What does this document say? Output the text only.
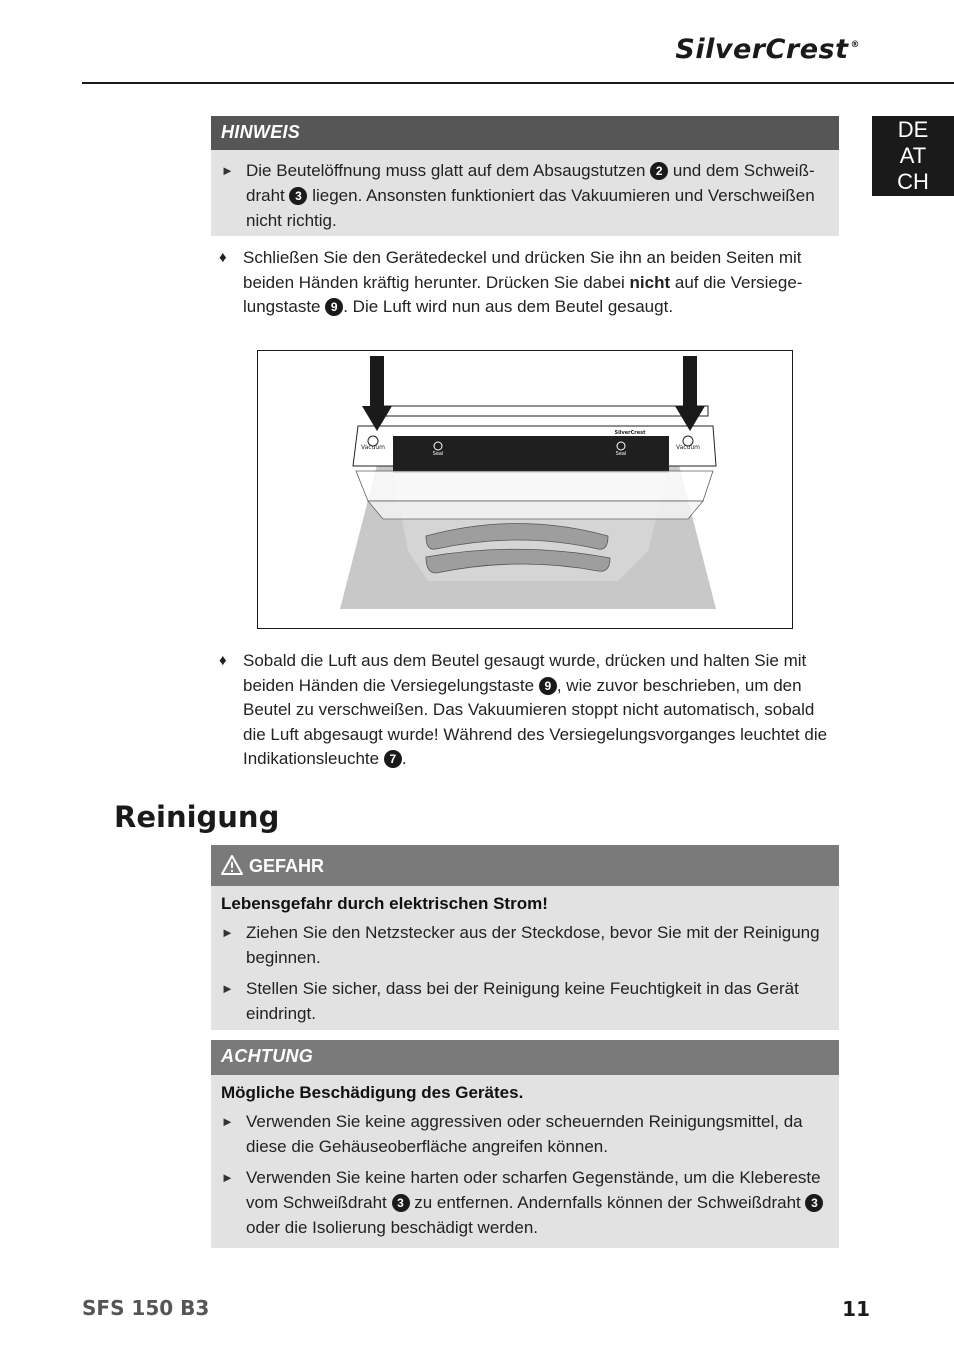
SilverCrest ®
DE
AT
CH
HINWEIS
► Die Beutelöffnung muss glatt auf dem Absaugstutzen 2 und dem Schweiß-draht 3 liegen. Ansonsten funktioniert das Vakuumieren und Verschweißen nicht richtig.
♦ Schließen Sie den Gerätedeckel und drücken Sie ihn an beiden Seiten mit beiden Händen kräftig herunter. Drücken Sie dabei nicht auf die Versiege-lungstaste 9 . Die Luft wird nun aus dem Beutel gesaugt.
Vacuum
Seal	Seal
Vacuum
SilverCrest
♦ Sobald die Luft aus dem Beutel gesaugt wurde, drücken und halten Sie mit beiden Händen die Versiegelungstaste 9 , wie zuvor beschrieben, um den Beutel zu verschweißen. Das Vakuumieren stoppt nicht automatisch, sobald die Luft abgesaugt wurde! Während des Versiegelungsvorganges leuchtet die Indikationsleuchte 7 .
Reinigung
GEFAHR
Lebensgefahr durch elektrischen Strom!
► Ziehen Sie den Netzstecker aus der Steckdose, bevor Sie mit der Reinigung beginnen.
► Stellen Sie sicher, dass bei der Reinigung keine Feuchtigkeit in das Gerät eindringt.
ACHTUNG
Mögliche Beschädigung des Gerätes.
► Verwenden Sie keine aggressiven oder scheuernden Reinigungsmittel, da diese die Gehäuseoberfläche angreifen können.
► Verwenden Sie keine harten oder scharfen Gegenstände, um die Klebereste vom Schweißdraht 3 zu entfernen. Andernfalls können der Schweißdraht 3 oder die Isolierung beschädigt werden.
SFS 150 B3	11
